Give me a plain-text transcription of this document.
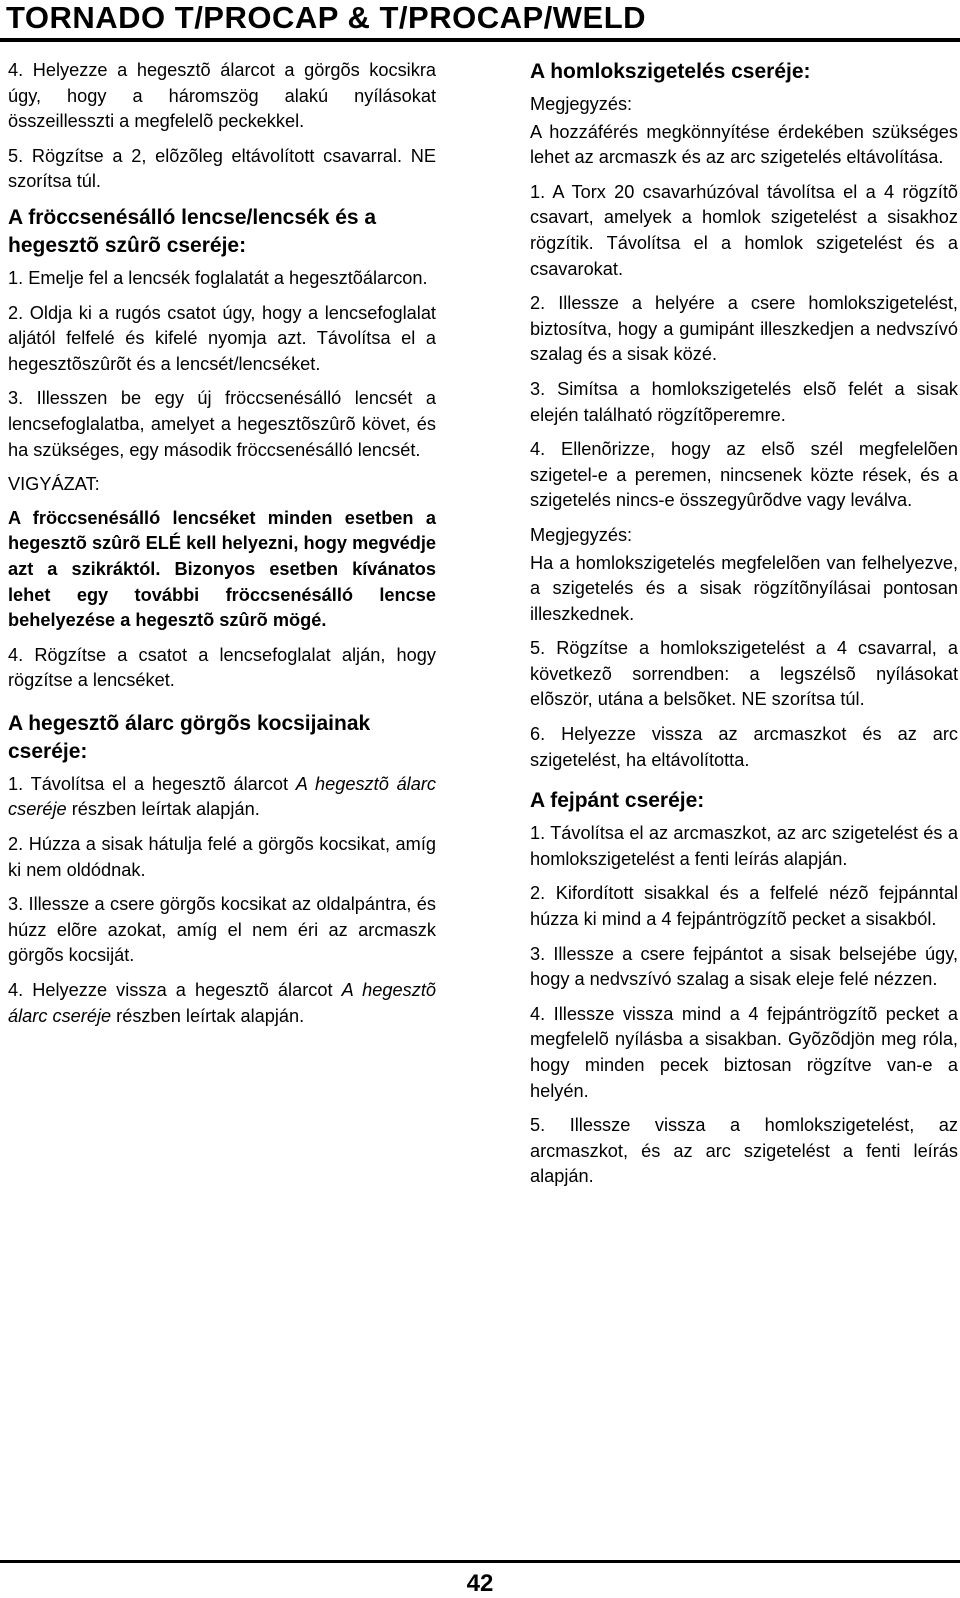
TORNADO T/PROCAP & T/PROCAP/WELD

4. Helyezze a hegesztõ álarcot a görgõs kocsikra úgy, hogy a háromszög alakú nyílásokat összeillesszti a megfelelõ peckekkel.

5. Rögzítse a 2, elõzõleg eltávolított csavarral. NE szorítsa túl.

A fröccsenésálló lencse/lencsék és a hegesztõ szûrõ cseréje:

1. Emelje fel a lencsék foglalatát a hegesztõálarcon.

2. Oldja ki a rugós csatot úgy, hogy a lencsefoglalat aljától felfelé és kifelé nyomja azt. Távolítsa el a hegesztõszûrõt és a lencsét/lencséket.

3. Illesszen be egy új fröccsenésálló lencsét a lencsefoglalatba, amelyet a hegesztõszûrõ követ, és ha szükséges, egy második fröccsenésálló lencsét.

VIGYÁZAT:

A fröccsenésálló lencséket minden esetben a hegesztõ szûrõ ELÉ kell helyezni, hogy megvédje azt a szikráktól. Bizonyos esetben kívánatos lehet egy további fröccsenésálló lencse behelyezése a hegesztõ szûrõ mögé.

4. Rögzítse a csatot a lencsefoglalat alján, hogy rögzítse a lencséket.

A hegesztõ álarc görgõs kocsijainak cseréje:

1. Távolítsa el a hegesztõ álarcot A hegesztõ álarc cseréje részben leírtak alapján.

2. Húzza a sisak hátulja felé a görgõs kocsikat, amíg ki nem oldódnak.

3. Illessze a csere görgõs kocsikat az oldalpántra, és húzz elõre azokat, amíg el nem éri az arcmaszk görgõs kocsiját.

4. Helyezze vissza a hegesztõ álarcot A hegesztõ álarc cseréje részben leírtak alapján.

A homlokszigetelés cseréje:

Megjegyzés:

A hozzáférés megkönnyítése érdekében szükséges lehet az arcmaszk és az arc szigetelés eltávolítása.

1. A Torx 20 csavarhúzóval távolítsa el a 4 rögzítõ csavart, amelyek a homlok szigetelést a sisakhoz rögzítik. Távolítsa el a homlok szigetelést és a csavarokat.

2. Illessze a helyére a csere homlokszigetelést, biztosítva, hogy a gumipánt illeszkedjen a nedvszívó szalag és a sisak közé.

3. Simítsa a homlokszigetelés elsõ felét a sisak elején található rögzítõperemre.

4. Ellenõrizze, hogy az elsõ szél megfelelõen szigetel-e a peremen, nincsenek közte rések, és a szigetelés nincs-e összegyûrõdve vagy leválva.

Megjegyzés:

Ha a homlokszigetelés megfelelõen van felhelyezve, a szigetelés és a sisak rögzítõnyílásai pontosan illeszkednek.

5. Rögzítse a homlokszigetelést a 4 csavarral, a következõ sorrendben: a legszélsõ nyílásokat elõször, utána a belsõket. NE szorítsa túl.

6. Helyezze vissza az arcmaszkot és az arc szigetelést, ha eltávolította.

A fejpánt cseréje:

1. Távolítsa el az arcmaszkot, az arc szigetelést és a homlokszigetelést a fenti leírás alapján.

2. Kifordított sisakkal és a felfelé nézõ fejpánntal húzza ki mind a 4 fejpántrögzítõ pecket a sisakból.

3. Illessze a csere fejpántot a sisak belsejébe úgy, hogy a nedvszívó szalag a sisak eleje felé nézzen.

4. Illessze vissza mind a 4 fejpántrögzítõ pecket a megfelelõ nyílásba a sisakban. Gyõzõdjön meg róla, hogy minden pecek biztosan rögzítve van-e a helyén.

5. Illessze vissza a homlokszigetelést, az arcmaszkot, és az arc szigetelést a fenti leírás alapján.

42
